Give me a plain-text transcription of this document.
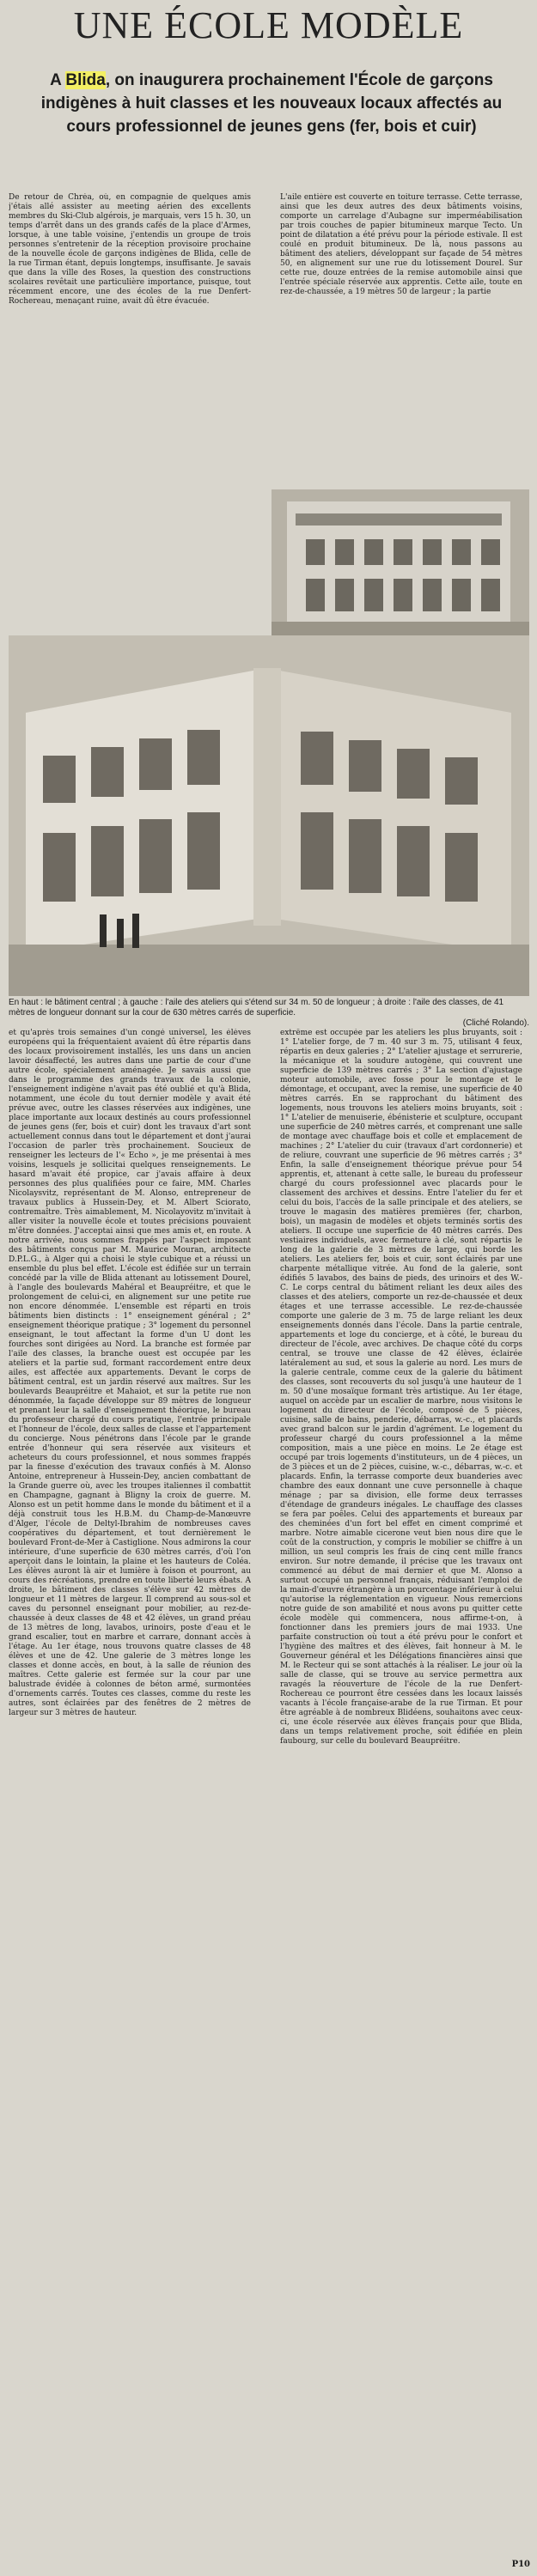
UNE ÉCOLE MODÈLE
A Blida, on inaugurera prochainement l'École de garçons indigènes à huit classes et les nouveaux locaux affectés au cours professionnel de jeunes gens (fer, bois et cuir)
De retour de Chréa, où, en compagnie de quelques amis j'étais allé assister au meeting aérien des excellents membres du Ski-Club algérois, je marquais, vers 15 h. 30, un temps d'arrêt dans un des grands cafés de la place d'Armes, lorsque, à une table voisine, j'entendis un groupe de trois personnes s'entretenir de la réception provisoire prochaine de la nouvelle école de garçons indigènes de Blida, celle de la rue Tirman étant, depuis longtemps, insuffisante. Je savais que dans la ville des Roses, la question des constructions scolaires revêtait une particulière importance, puisque, tout récemment encore, une des écoles de la rue Denfert-Rochereau, menaçant ruine, avait dû être évacuée.
L'aile entière est couverte en toiture terrasse. Cette terrasse, ainsi que les deux autres des deux bâtiments voisins, comporte un carrelage d'Aubagne sur imperméabilisation par trois couches de papier bitumineux marque Tecto. Un point de dilatation a été prévu pour la période estivale. Il est coulé en produit bitumineux. De là, nous passons au bâtiment des ateliers, développant sur façade de 54 mètres 50, en alignement sur une rue du lotissement Dourel. Sur cette rue, douze entrées de la remise automobile ainsi que l'entrée spéciale réservée aux apprentis. Cette aile, toute en rez-de-chaussée, a 19 mètres 50 de largeur ; la partie
En haut : le bâtiment central ; à gauche : l'aile des ateliers qui s'étend sur 34 m. 50 de longueur ; à droite : l'aile des classes, de 41 mètres de longueur donnant sur la cour de 630 mètres carrés de superficie.
(Cliché Rolando).
et qu'après trois semaines d'un congé universel, les élèves européens qui la fréquentaient avaient dû être répartis dans des locaux provisoirement installés, les uns dans un ancien lavoir désaffecté, les autres dans une partie de cour d'une autre école, spécialement aménagée. Je savais aussi que dans le programme des grands travaux de la colonie, l'enseignement indigène n'avait pas été oublié et qu'à Blida, notamment, une école du tout dernier modèle y avait été prévue avec, outre les classes réservées aux indigènes, une place importante aux locaux destinés au cours professionnel de jeunes gens (fer, bois et cuir) dont les travaux d'art sont actuellement connus dans tout le département et dont j'aurai l'occasion de parler très prochainement. Soucieux de renseigner les lecteurs de l'« Echo », je me présentai à mes voisins, lesquels je sollicitai quelques renseignements. Le hasard m'avait été propice, car j'avais affaire à deux personnes des plus qualifiées pour ce faire, MM. Charles Nicolaysvitz, représentant de M. Alonso, entrepreneur de travaux publics à Hussein-Dey, et M. Albert Sciorato, contremaître. Très aimablement, M. Nicolayovitz m'invitait à aller visiter la nouvelle école et toutes précisions pouvaient m'être données. J'acceptai ainsi que mes amis et, en route. A notre arrivée, nous sommes frappés par l'aspect imposant des bâtiments conçus par M. Maurice Mouran, architecte D.P.L.G., à Alger qui a choisi le style cubique et a réussi un ensemble du plus bel effet. L'école est édifiée sur un terrain concédé par la ville de Blida attenant au lotissement Dourel, à l'angle des boulevards Mahéral et Beaupréitre, et que le prolongement de celui-ci, en alignement sur une petite rue non encore dénommée. L'ensemble est réparti en trois bâtiments bien distincts : 1° enseignement général ; 2° enseignement théorique pratique ; 3° logement du personnel enseignant, le tout affectant la forme d'un U dont les fourches sont dirigées au Nord. La branche est formée par l'aile des classes, la branche ouest est occupée par les ateliers et la partie sud, formant raccordement entre deux ailes, est affectée aux appartements. Devant le corps de bâtiment central, est un jardin réservé aux maîtres. Sur les boulevards Beaupréitre et Mahaiot, et sur la petite rue non dénommée, la façade développe sur 89 mètres de longueur et prenant leur la salle d'enseignement théorique, le bureau du professeur chargé du cours pratique, l'entrée principale et l'honneur de l'école, deux salles de classe et l'appartement du concierge. Nous pénétrons dans l'école par le grande entrée d'honneur qui sera réservée aux visiteurs et acheteurs du cours professionnel, et nous sommes frappés par la finesse d'exécution des travaux confiés à M. Alonso Antoine, entrepreneur à Hussein-Dey, ancien combattant de la Grande guerre où, avec les troupes italiennes il combattit en Champagne, gagnant à Bligny la croix de guerre. M. Alonso est un petit homme dans le monde du bâtiment et il a déjà construit tous les H.B.M. du Champ-de-Manœuvre d'Alger, l'école de Deltyl-Ibrahim de nombreuses caves coopératives du département, et tout dernièrement le boulevard Front-de-Mer à Castiglione. Nous admirons la cour intérieure, d'une superficie de 630 mètres carrés, d'où l'on aperçoit dans le lointain, la plaine et les hauteurs de Coléa. Les élèves auront là air et lumière à foison et pourront, au cours des récréations, prendre en toute liberté leurs ébats. A droite, le bâtiment des classes s'élève sur 42 mètres de longueur et 11 mètres de largeur. Il comprend au sous-sol et caves du personnel enseignant pour mobilier, au rez-de-chaussée à deux classes de 48 et 42 élèves, un grand préau de 13 mètres de long, lavabos, urinoirs, poste d'eau et le grand escalier, tout en marbre et carrare, donnant accès à l'étage. Au 1er étage, nous trouvons quatre classes de 48 élèves et une de 42. Une galerie de 3 mètres longe les classes et donne accès, en bout, à la salle de réunion des maîtres. Cette galerie est fermée sur la cour par une balustrade évidée à colonnes de béton armé, surmontées d'ornements carrés. Toutes ces classes, comme du reste les autres, sont éclairées par des fenêtres de 2 mètres de largeur sur 3 mètres de hauteur.
extrême est occupée par les ateliers les plus bruyants, soit : 1° L'atelier forge, de 7 m. 40 sur 3 m. 75, utilisant 4 feux, répartis en deux galeries ; 2° L'atelier ajustage et serrurerie, la mécanique et la soudure autogène, qui couvrent une superficie de 139 mètres carrés ; 3° La section d'ajustage moteur automobile, avec fosse pour le montage et le démontage, et occupant, avec la remise, une superficie de 40 mètres carrés. En se rapprochant du bâtiment des logements, nous trouvons les ateliers moins bruyants, soit : 1° L'atelier de menuiserie, ébénisterie et sculpture, occupant une superficie de 240 mètres carrés, et comprenant une salle de montage avec chauffage bois et colle et emplacement de machines ; 2° L'atelier du cuir (travaux d'art cordonnerie) et de reliure, couvrant une superficie de 96 mètres carrés ; 3° Enfin, la salle d'enseignement théorique prévue pour 54 apprentis, et, attenant à cette salle, le bureau du professeur chargé du cours professionnel avec placards pour le classement des archives et dessins. Entre l'atelier du fer et celui du bois, l'accès de la salle principale et des ateliers, se trouve le magasin des matières premières (fer, charbon, bois), un magasin de modèles et objets terminés sortis des ateliers. Il occupe une superficie de 40 mètres carrés. Des vestiaires individuels, avec fermeture à clé, sont répartis le long de la galerie de 3 mètres de large, qui borde les ateliers. Les ateliers fer, bois et cuir, sont éclairés par une charpente métallique vitrée. Au fond de la galerie, sont édifiés 5 lavabos, des bains de pieds, des urinoirs et des W.-C. Le corps central du bâtiment reliant les deux ailes des classes et des ateliers, comporte un rez-de-chaussée et deux étages et une terrasse accessible. Le rez-de-chaussée comporte une galerie de 3 m. 75 de large reliant les deux enseignements donnés dans l'école. Dans la partie centrale, appartements et loge du concierge, et à côté, le bureau du directeur de l'école, avec archives. De chaque côté du corps central, se trouve une classe de 42 élèves, éclairée latéralement au sud, et sous la galerie au nord. Les murs de la galerie centrale, comme ceux de la galerie du bâtiment des classes, sont recouverts du sol jusqu'à une hauteur de 1 m. 50 d'une mosaïque formant très artistique. Au 1er étage, auquel on accède par un escalier de marbre, nous visitons le logement du directeur de l'école, composé de 5 pièces, cuisine, salle de bains, penderie, débarras, w.-c., et placards avec grand balcon sur le jardin d'agrément. Le logement du professeur chargé du cours professionnel a la même composition, mais a une pièce en moins. Le 2e étage est occupé par trois logements d'instituteurs, un de 4 pièces, un de 3 pièces et un de 2 pièces, cuisine, w.-c., débarras, w.-c. et placards. Enfin, la terrasse comporte deux buanderies avec chambre des eaux donnant une cuve personnelle à chaque ménage ; par sa division, elle forme deux terrasses d'étendage de grandeurs inégales. Le chauffage des classes se fera par poêles. Celui des appartements et bureaux par des cheminées d'un fort bel effet en ciment comprimé et marbre. Notre aimable cicerone veut bien nous dire que le coût de la construction, y compris le mobilier se chiffre à un million, un seul compris les frais de cinq cent mille francs environ. Sur notre demande, il précise que les travaux ont commencé au début de mai dernier et que M. Alonso a surtout occupé un personnel français, réduisant l'emploi de la main-d'œuvre étrangère à un pourcentage inférieur à celui qu'autorise la réglementation en vigueur. Nous remercions notre guide de son amabilité et nous avons pu quitter cette école modèle qui commencera, nous affirme-t-on, à fonctionner dans les premiers jours de mai 1933. Une parfaite construction où tout a été prévu pour le confort et l'hygiène des maîtres et des élèves, fait honneur à M. le Gouverneur général et les Délégations financières ainsi que M. le Recteur qui se sont attachés à la réaliser. Le jour où la salle de classe, qui se trouve au service permettra aux ravagés la réouverture de l'école de la rue Denfert-Rochereau ce pourront être cessées dans les locaux laissés vacants à l'école française-arabe de la rue Tirman. Et pour être agréable à de nombreux Blidéens, souhaitons avec ceux-ci, une école réservée aux élèves français pour que Blida, dans un temps relativement proche, soit édifiée en plein faubourg, sur celle du boulevard Beaupréitre.
P10
